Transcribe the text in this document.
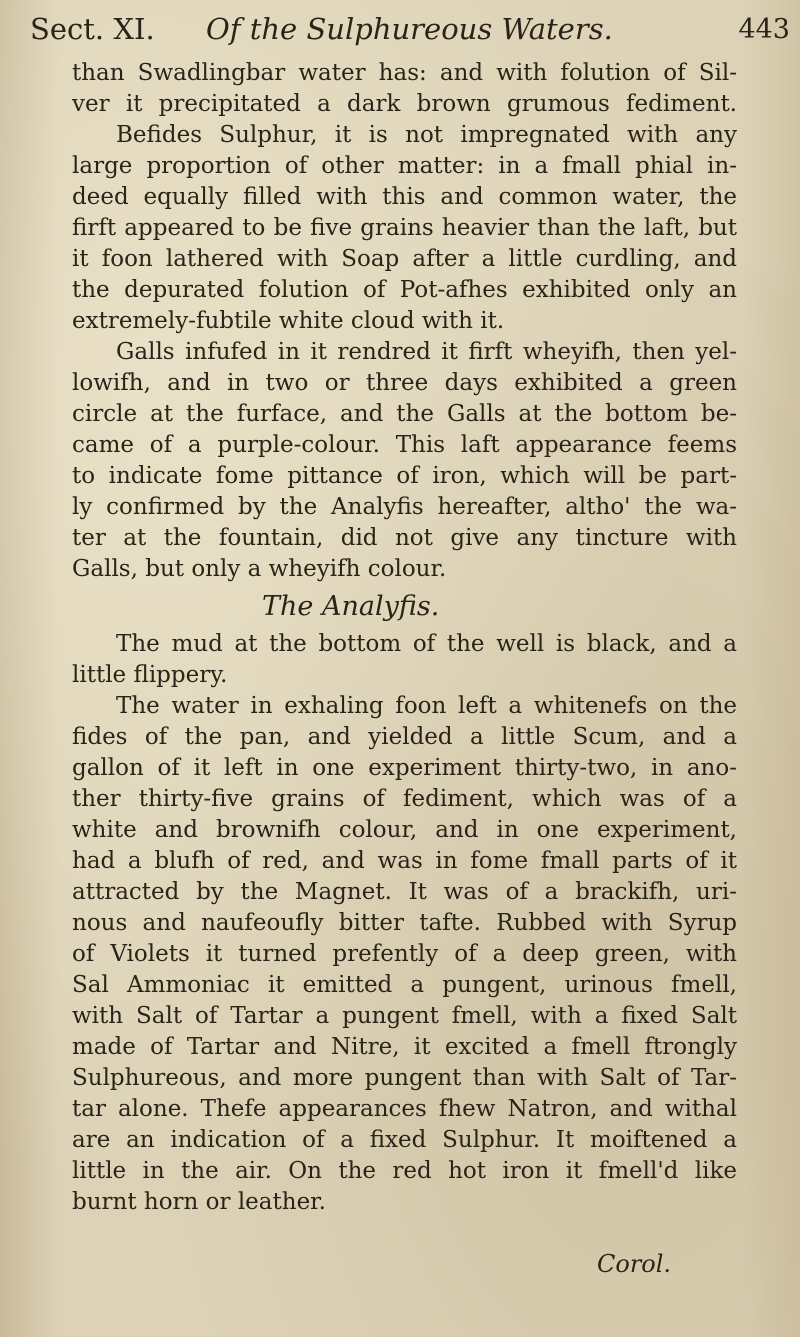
Sect. XI. Of the Sulphureous Waters.	443
than Swadlingbar water has: and with folution of Sil-
ver it precipitated a dark brown grumous fediment.
Befides Sulphur, it is not impregnated with any
large proportion of other matter: in a fmall phial in-
deed equally filled with this and common water, the
firft appeared to be five grains heavier than the laft, but
it foon lathered with Soap after a little curdling, and
the depurated folution of Pot-afhes exhibited only an
extremely-fubtile white cloud with it.
Galls infufed in it rendred it firft wheyifh, then yel-
lowifh, and in two or three days exhibited a green
circle at the furface, and the Galls at the bottom be-
came of a purple-colour. This laft appearance feems
to indicate fome pittance of iron, which will be part-
ly confirmed by the Analyfis hereafter, altho' the wa-
ter at the fountain, did not give any tincture with
Galls, but only a wheyifh colour.
The Analyfis.
The mud at the bottom of the well is black, and a
little flippery.
The water in exhaling foon left a whitenefs on the
fides of the pan, and yielded a little Scum, and a
gallon of it left in one experiment thirty-two, in ano-
ther thirty-five grains of fediment, which was of a
white and brownifh colour, and in one experiment,
had a blufh of red, and was in fome fmall parts of it
attracted by the Magnet. It was of a brackifh, uri-
nous and naufeoufly bitter tafte. Rubbed with Syrup
of Violets it turned prefently of a deep green, with
Sal Ammoniac it emitted a pungent, urinous fmell,
with Salt of Tartar a pungent fmell, with a fixed Salt
made of Tartar and Nitre, it excited a fmell ftrongly
Sulphureous, and more pungent than with Salt of Tar-
tar alone. Thefe appearances fhew Natron, and withal
are an indication of a fixed Sulphur. It moiftened a
little in the air. On the red hot iron it fmell'd like
burnt horn or leather.
Corol.
